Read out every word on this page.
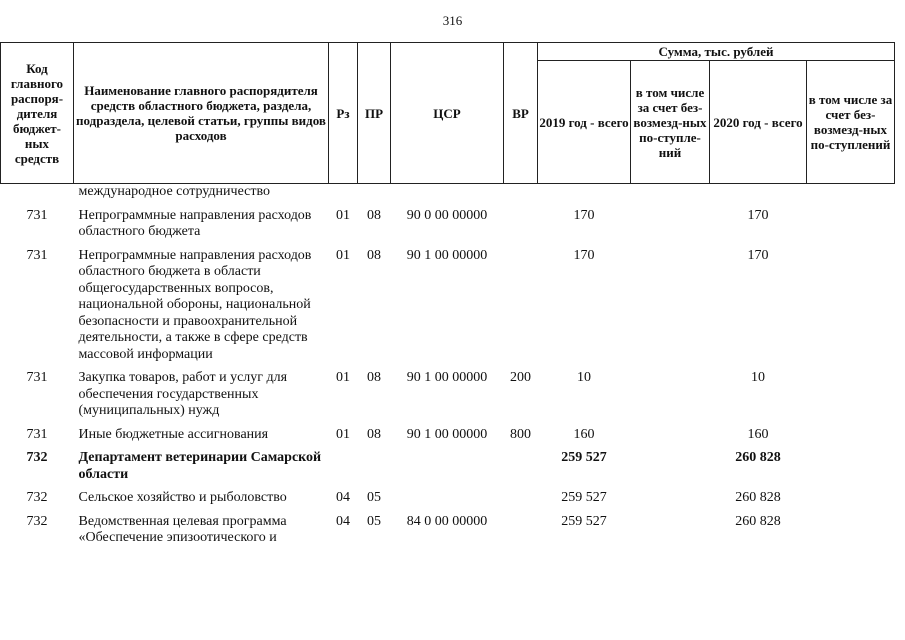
316
Код главного распоря-дителя бюджет-ных средств	Наименование главного распорядителя средств областного бюджета, раздела, подраздела, целевой статьи, группы видов расходов	Рз	ПР	ЦСР	ВР	Сумма, тыс. рублей			
						2019 год - всего	в том числе за счет без-возмезд-ных по-ступле-ний	2020 год - всего	в том числе за счет без-возмезд-ных по-ступлений
	международное сотрудничество								
731	Непрограммные направления расходов областного бюджета	01	08	90 0 00 00000		170		170	
731	Непрограммные направления расходов областного бюджета в области общегосударственных вопросов, национальной обороны, национальной безопасности и правоохранительной деятельности, а также в сфере средств массовой информации	01	08	90 1 00 00000		170		170	
731	Закупка товаров, работ и услуг для обеспечения государственных (муниципальных) нужд	01	08	90 1 00 00000	200	10		10	
731	Иные бюджетные ассигнования	01	08	90 1 00 00000	800	160		160	
732	Департамент ветеринарии Самарской области					259 527		260 828	
732	Сельское хозяйство и рыболовство	04	05			259 527		260 828	
732	Ведомственная целевая программа «Обеспечение эпизоотического и	04	05	84 0 00 00000		259 527		260 828	
